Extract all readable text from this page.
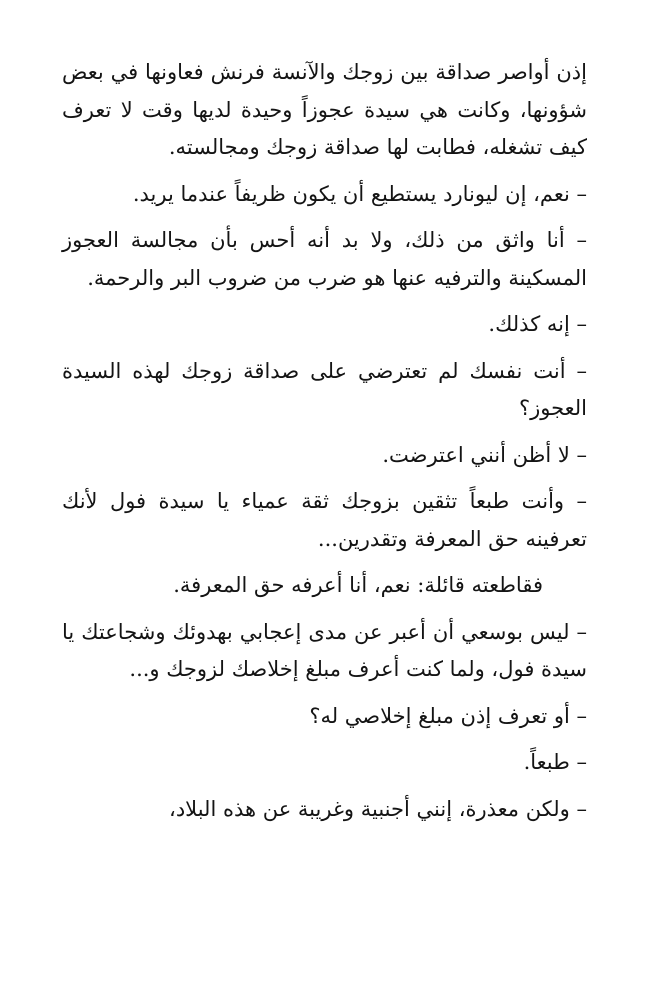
إذن أواصر صداقة بين زوجك والآنسة فرنش فعاونها في بعض شؤونها، وكانت هي سيدة عجوزاً وحيدة لديها وقت لا تعرف كيف تشغله، فطابت لها صداقة زوجك ومجالسته.

– نعم، إن ليونارد يستطيع أن يكون ظريفاً عندما يريد.

– أنا واثق من ذلك، ولا بد أنه أحس بأن مجالسة العجوز المسكينة والترفيه عنها هو ضرب من ضروب البر والرحمة.

– إنه كذلك.

– أنت نفسك لم تعترضي على صداقة زوجك لهذه السيدة العجوز؟

– لا أظن أنني اعترضت.

– وأنت طبعاً تثقين بزوجك ثقة عمياء يا سيدة فول لأنك تعرفينه حق المعرفة وتقدرين...

فقاطعته قائلة: نعم، أنا أعرفه حق المعرفة.

– ليس بوسعي أن أعبر عن مدى إعجابي بهدوئك وشجاعتك يا سيدة فول، ولما كنت أعرف مبلغ إخلاصك لزوجك و...

– أو تعرف إذن مبلغ إخلاصي له؟

– طبعاً.

– ولكن معذرة، إنني أجنبية وغريبة عن هذه البلاد،
